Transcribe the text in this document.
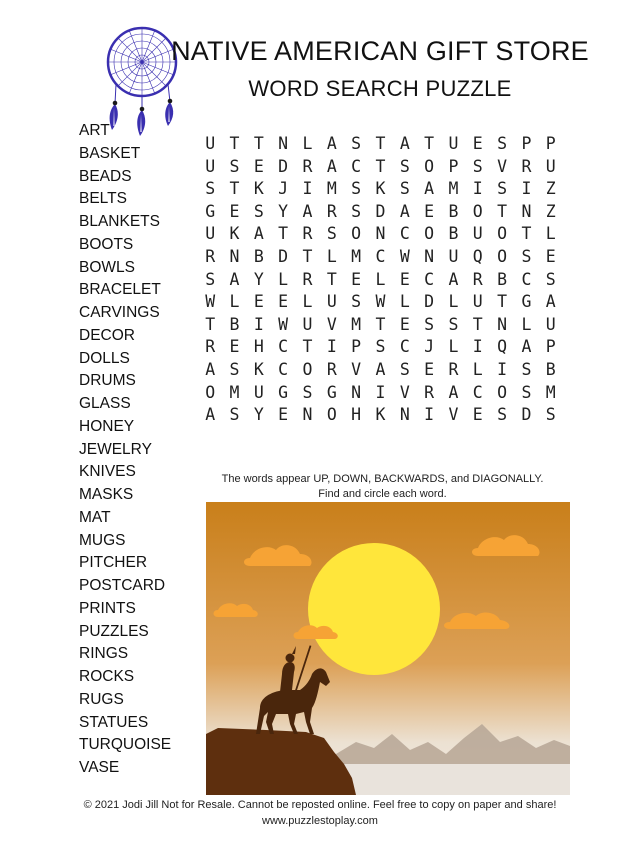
NATIVE AMERICAN GIFT STORE
WORD SEARCH PUZZLE
ART
BASKET
BEADS
BELTS
BLANKETS
BOOTS
BOWLS
BRACELET
CARVINGS
DECOR
DOLLS
DRUMS
GLASS
HONEY
JEWELRY
KNIVES
MASKS
MAT
MUGS
PITCHER
POSTCARD
PRINTS
PUZZLES
RINGS
ROCKS
RUGS
STATUES
TURQUOISE
VASE
U T T N L A S T A T U E S P P
U S E D R A C T S O P S V R U
S T K J I M S K S A M I S I Z
G E S Y A R S D A E B O T N Z
U K A T R S O N C O B U O T L
R N B D T L M C W N U Q O S E
S A Y L R T E L E C A R B C S
W L E E L U S W L D L U T G A
T B I W U V M T E S S T N L U
R E H C T I P S C J L I Q A P
A S K C O R V A S E R L I S B
O M U G S G N I V R A C O S M
A S Y E N O H K N I V E S D S
The words appear UP, DOWN, BACKWARDS, and DIAGONALLY.
Find and circle each word.
© 2021 Jodi Jill Not for Resale. Cannot be reposted online. Feel free to copy on paper and share!
www.puzzlestoplay.com
